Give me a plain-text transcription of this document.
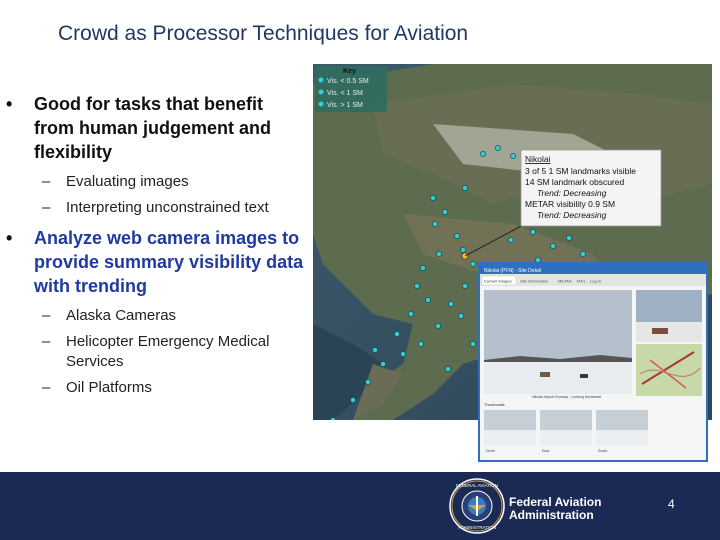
Crowd as Processor Techniques for Aviation
• Good for tasks that benefit from human judgement and flexibility
– Evaluating images
– Interpreting unconstrained text
• Analyze web camera images to provide summary visibility data with trending
– Alaska Cameras
– Helicopter Emergency Medical Services
– Oil Platforms
Key
Vis. < 0.5 SM
Vis. < 1 SM
Vis. > 1 SM
Nikolai
3 of 5 1 SM landmarks visible
14 SM landmark obscured
Trend: Decreasing
METAR visibility 0.9 SM
Trend: Decreasing
Nikolai (PFN) - Site Detail
Current Images Site Information METAR TAFs Log In
Nikolai Airport Runway - Looking Northwest
Thumbnails
North	East	South
FEDERAL AVIATION
ADMINISTRATION
Federal Aviation
Administration
4
